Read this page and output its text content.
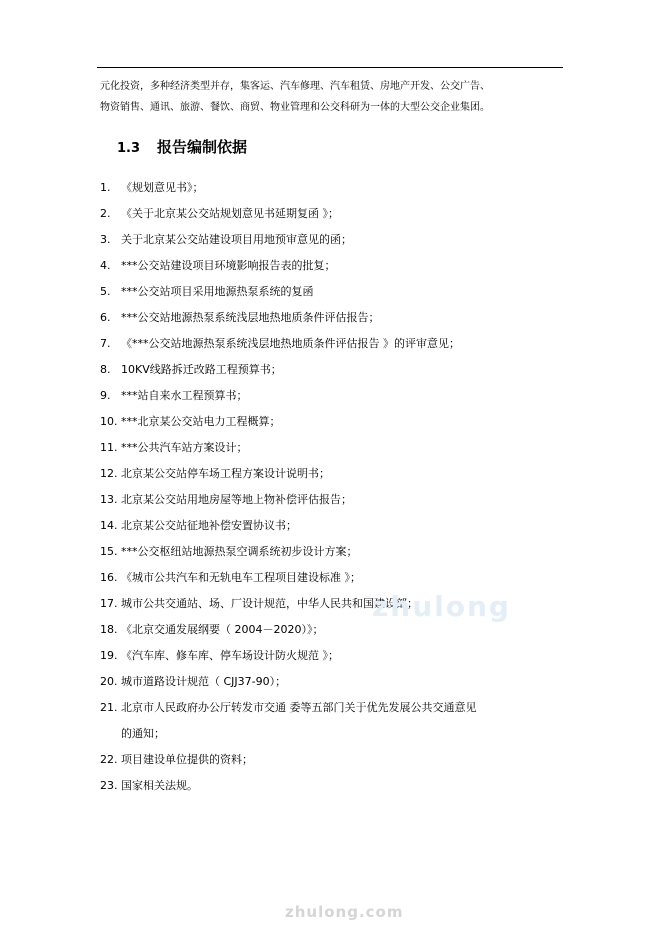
元化投资，多种经济类型并存，集客运、汽车修理、汽车租赁、房地产开发、公交广告、
物资销售、通讯、旅游、餐饮、商贸、物业管理和公交科研为一体的大型公交企业集团。
1.3 报告编制依据
1. 《规划意见书》；
2. 《关于北京某公交站规划意见书延期复函 》；
3. 关于北京某公交站建设项目用地预审意见的函；
4. ***公交站建设项目环境影响报告表的批复；
5. ***公交站项目采用地源热泵系统的复函
6. ***公交站地源热泵系统浅层地热地质条件评估报告；
7. 《***公交站地源热泵系统浅层地热地质条件评估报告 》的评审意见；
8. 10KV线路拆迁改路工程预算书；
9. ***站自来水工程预算书；
10. ***北京某公交站电力工程概算；
11. ***公共汽车站方案设计；
12. 北京某公交站停车场工程方案设计说明书；
13. 北京某公交站用地房屋等地上物补偿评估报告；
14. 北京某公交站征地补偿安置协议书；
15. ***公交枢纽站地源热泵空调系统初步设计方案；
16. 《城市公共汽车和无轨电车工程项目建设标准 》；
17. 城市公共交通站、场、厂设计规范，中华人民共和国建设部；
18. 《北京交通发展纲要（ 2004－2020）》；
19. 《汽车库、修车库、停车场设计防火规范 》；
20. 城市道路设计规范（ CJJ37-90）；
21. 北京市人民政府办公厅转发市交通 委等五部门关于优先发展公共交通意见
的通知；
22. 项目建设单位提供的资料；
23. 国家相关法规。
zhulong
zhulong.com
